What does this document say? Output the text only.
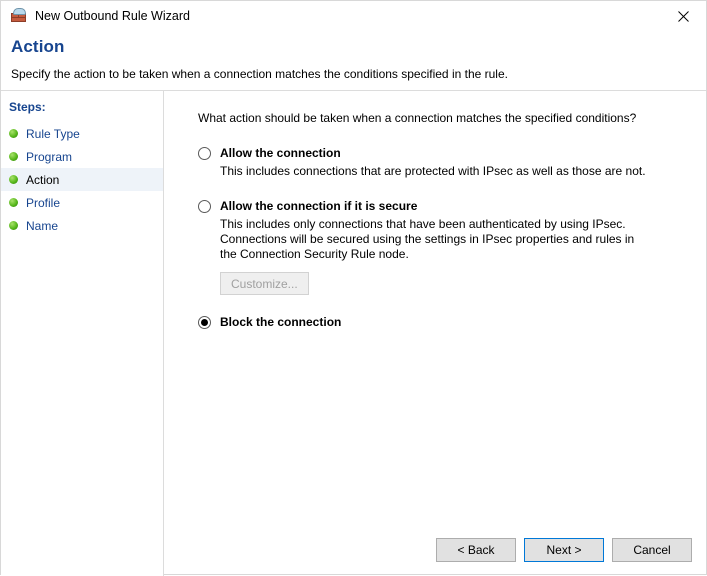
New Outbound Rule Wizard
Action
Specify the action to be taken when a connection matches the conditions specified in the rule.
Steps:
Rule Type
Program
Action
Profile
Name
What action should be taken when a connection matches the specified conditions?
Allow the connection
This includes connections that are protected with IPsec as well as those are not.
Allow the connection if it is secure
This includes only connections that have been authenticated by using IPsec. Connections will be secured using the settings in IPsec properties and rules in the Connection Security Rule node.
Customize...
Block the connection
< Back	Next >	Cancel
